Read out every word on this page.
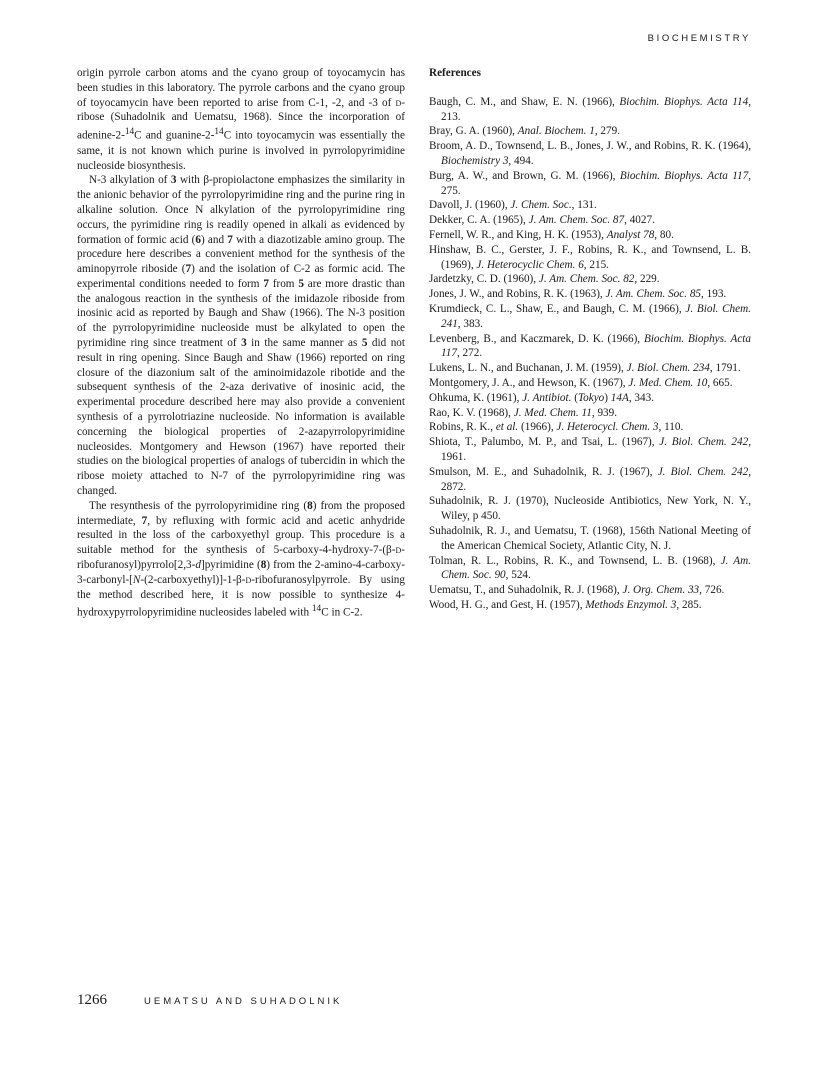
BIOCHEMISTRY

origin pyrrole carbon atoms and the cyano group of toyocamycin has been studies in this laboratory. The pyrrole carbons and the cyano group of toyocamycin have been reported to arise from C-1, -2, and -3 of d-ribose (Suhadolnik and Uematsu, 1968). Since the incorporation of adenine-2-$^{14}$C and guanine-2-$^{14}$C into toyocamycin was essentially the same, it is not known which purine is involved in pyrrolopyrimidine nucleoside biosynthesis.

N-3 alkylation of 3 with β-propiolactone emphasizes the similarity in the anionic behavior of the pyrrolopyrimidine ring and the purine ring in alkaline solution. Once N alkylation of the pyrrolopyrimidine ring occurs, the pyrimidine ring is readily opened in alkali as evidenced by formation of formic acid (6) and 7 with a diazotizable amino group. The procedure here describes a convenient method for the synthesis of the aminopyrrole riboside (7) and the isolation of C-2 as formic acid. The experimental conditions needed to form 7 from 5 are more drastic than the analogous reaction in the synthesis of the imidazole riboside from inosinic acid as reported by Baugh and Shaw (1966). The N-3 position of the pyrrolopyrimidine nucleoside must be alkylated to open the pyrimidine ring since treatment of 3 in the same manner as 5 did not result in ring opening. Since Baugh and Shaw (1966) reported on ring closure of the diazonium salt of the aminoimidazole ribotide and the subsequent synthesis of the 2-aza derivative of inosinic acid, the experimental procedure described here may also provide a convenient synthesis of a pyrrolotriazine nucleoside. No information is available concerning the biological properties of 2-azapyrrolopyrimidine nucleosides. Montgomery and Hewson (1967) have reported their studies on the biological properties of analogs of tubercidin in which the ribose moiety attached to N-7 of the pyrrolopyrimidine ring was changed.

The resynthesis of the pyrrolopyrimidine ring (8) from the proposed intermediate, 7, by refluxing with formic acid and acetic anhydride resulted in the loss of the carboxyethyl group. This procedure is a suitable method for the synthesis of 5-carboxy-4-hydroxy-7-(β-d-ribofuranosyl)pyrrolo[2,3-d]pyrimidine (8) from the 2-amino-4-carboxy-3-carbonyl-[N-(2-carboxyethyl)]-1-β-d-ribofuranosylpyrrole. By using the method described here, it is now possible to synthesize 4-hydroxypyrrolopyrimidine nucleosides labeled with $^{14}$C in C-2.

References
Baugh, C. M., and Shaw, E. N. (1966), Biochim. Biophys. Acta 114, 213.
Bray, G. A. (1960), Anal. Biochem. 1, 279.
Broom, A. D., Townsend, L. B., Jones, J. W., and Robins, R. K. (1964), Biochemistry 3, 494.
Burg, A. W., and Brown, G. M. (1966), Biochim. Biophys. Acta 117, 275.
Davoll, J. (1960), J. Chem. Soc., 131.
Dekker, C. A. (1965), J. Am. Chem. Soc. 87, 4027.
Fernell, W. R., and King, H. K. (1953), Analyst 78, 80.
Hinshaw, B. C., Gerster, J. F., Robins, R. K., and Townsend, L. B. (1969), J. Heterocyclic Chem. 6, 215.
Jardetzky, C. D. (1960), J. Am. Chem. Soc. 82, 229.
Jones, J. W., and Robins, R. K. (1963), J. Am. Chem. Soc. 85, 193.
Krumdieck, C. L., Shaw, E., and Baugh, C. M. (1966), J. Biol. Chem. 241, 383.
Levenberg, B., and Kaczmarek, D. K. (1966), Biochim. Biophys. Acta 117, 272.
Lukens, L. N., and Buchanan, J. M. (1959), J. Biol. Chem. 234, 1791.
Montgomery, J. A., and Hewson, K. (1967), J. Med. Chem. 10, 665.
Ohkuma, K. (1961), J. Antibiot. (Tokyo) 14A, 343.
Rao, K. V. (1968), J. Med. Chem. 11, 939.
Robins, R. K., et al. (1966), J. Heterocycl. Chem. 3, 110.
Shiota, T., Palumbo, M. P., and Tsai, L. (1967), J. Biol. Chem. 242, 1961.
Smulson, M. E., and Suhadolnik, R. J. (1967), J. Biol. Chem. 242, 2872.
Suhadolnik, R. J. (1970), Nucleoside Antibiotics, New York, N. Y., Wiley, p 450.
Suhadolnik, R. J., and Uematsu, T. (1968), 156th National Meeting of the American Chemical Society, Atlantic City, N. J.
Tolman, R. L., Robins, R. K., and Townsend, L. B. (1968), J. Am. Chem. Soc. 90, 524.
Uematsu, T., and Suhadolnik, R. J. (1968), J. Org. Chem. 33, 726.
Wood, H. G., and Gest, H. (1957), Methods Enzymol. 3, 285.
1266	UEMATSU AND SUHADOLNIK
